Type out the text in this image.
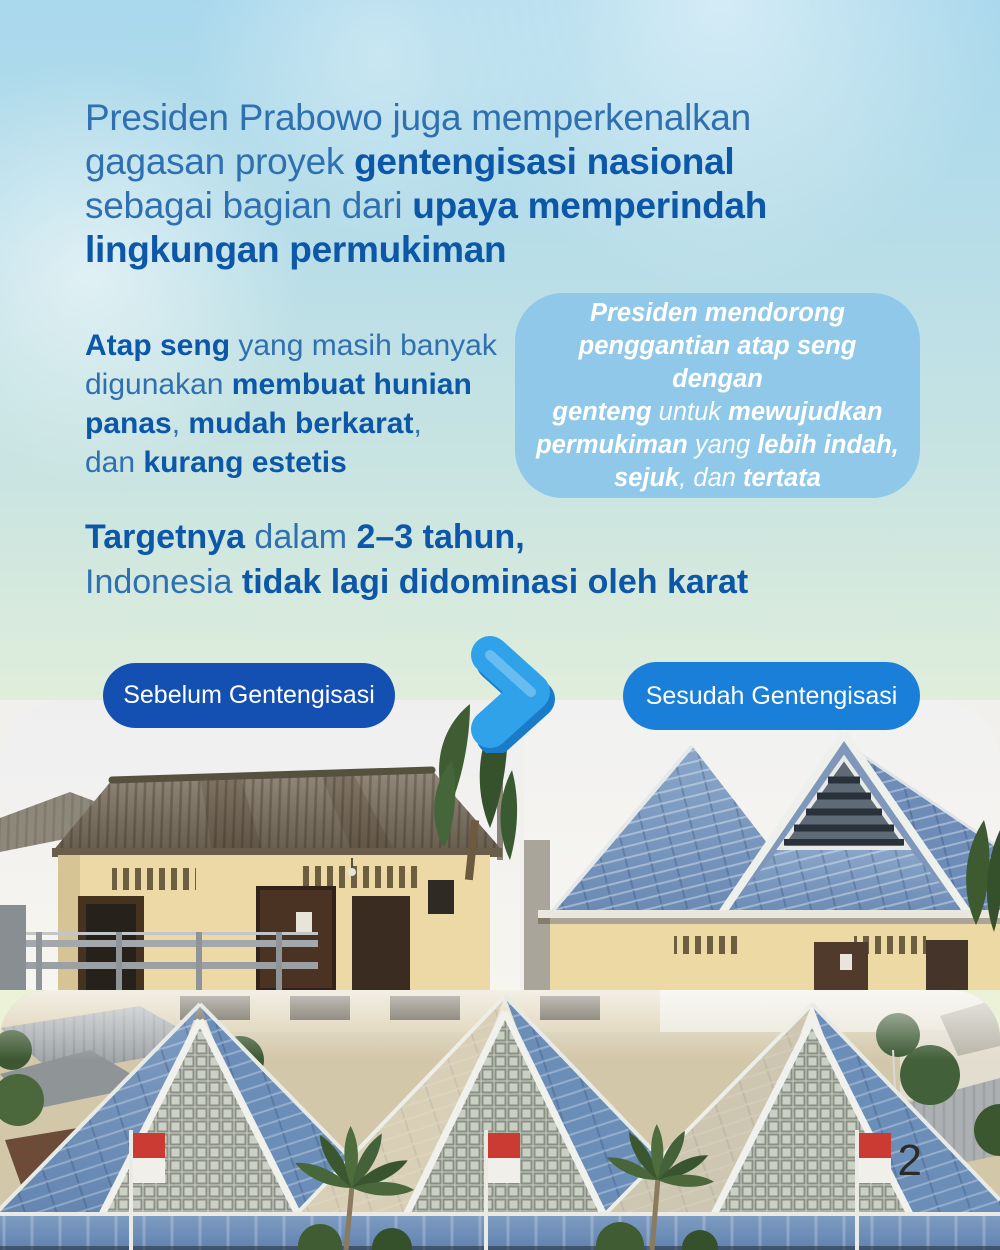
Presiden Prabowo juga memperkenalkan
gagasan proyek gentengisasi nasional
sebagai bagian dari upaya memperindah
lingkungan permukiman
Atap seng yang masih banyak
digunakan membuat hunian
panas, mudah berkarat,
dan kurang estetis
Presiden mendorong
penggantian atap seng dengan
genteng untuk mewujudkan
permukiman yang lebih indah,
sejuk, dan tertata
Targetnya dalam 2–3 tahun,
Indonesia tidak lagi didominasi oleh karat
Sebelum Gentengisasi	Sesudah Gentengisasi
2
